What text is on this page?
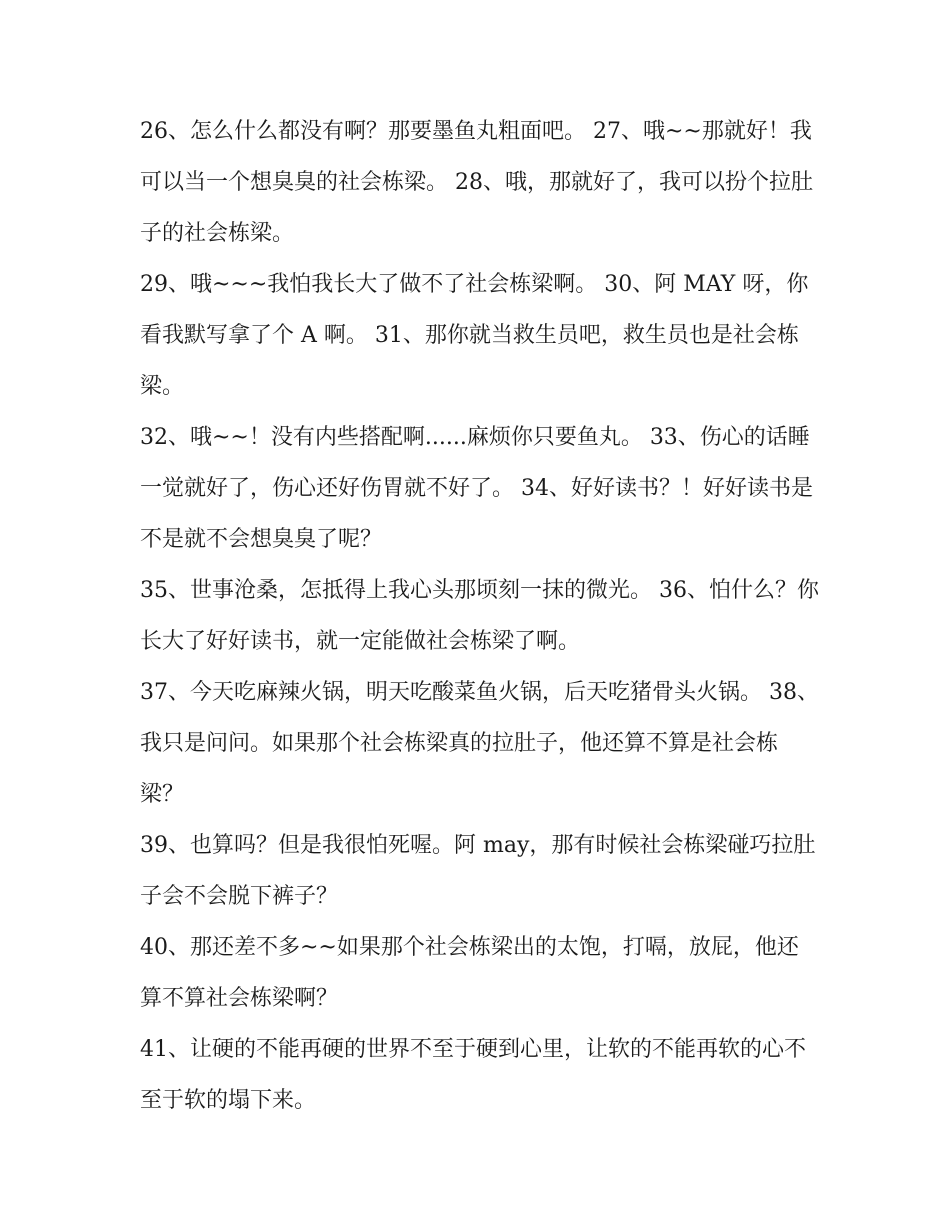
26、怎么什么都没有啊？那要墨鱼丸粗面吧。 27、哦~~那就好！我可以当一个想臭臭的社会栋梁。 28、哦，那就好了，我可以扮个拉肚子的社会栋梁。

29、哦~~~我怕我长大了做不了社会栋梁啊。 30、阿 MAY 呀，你看我默写拿了个 A 啊。 31、那你就当救生员吧，救生员也是社会栋梁。

32、哦~~！没有内些搭配啊......麻烦你只要鱼丸。 33、伤心的话睡一觉就好了，伤心还好伤胃就不好了。 34、好好读书？！好好读书是不是就不会想臭臭了呢？

35、世事沧桑，怎抵得上我心头那顷刻一抹的微光。 36、怕什么？你长大了好好读书，就一定能做社会栋梁了啊。

37、今天吃麻辣火锅，明天吃酸菜鱼火锅，后天吃猪骨头火锅。 38、我只是问问。如果那个社会栋梁真的拉肚子，他还算不算是社会栋梁？

39、也算吗？但是我很怕死喔。阿 may，那有时候社会栋梁碰巧拉肚子会不会脱下裤子？

40、那还差不多~~如果那个社会栋梁出的太饱，打嗝，放屁，他还算不算社会栋梁啊？

41、让硬的不能再硬的世界不至于硬到心里，让软的不能再软的心不至于软的塌下来。
